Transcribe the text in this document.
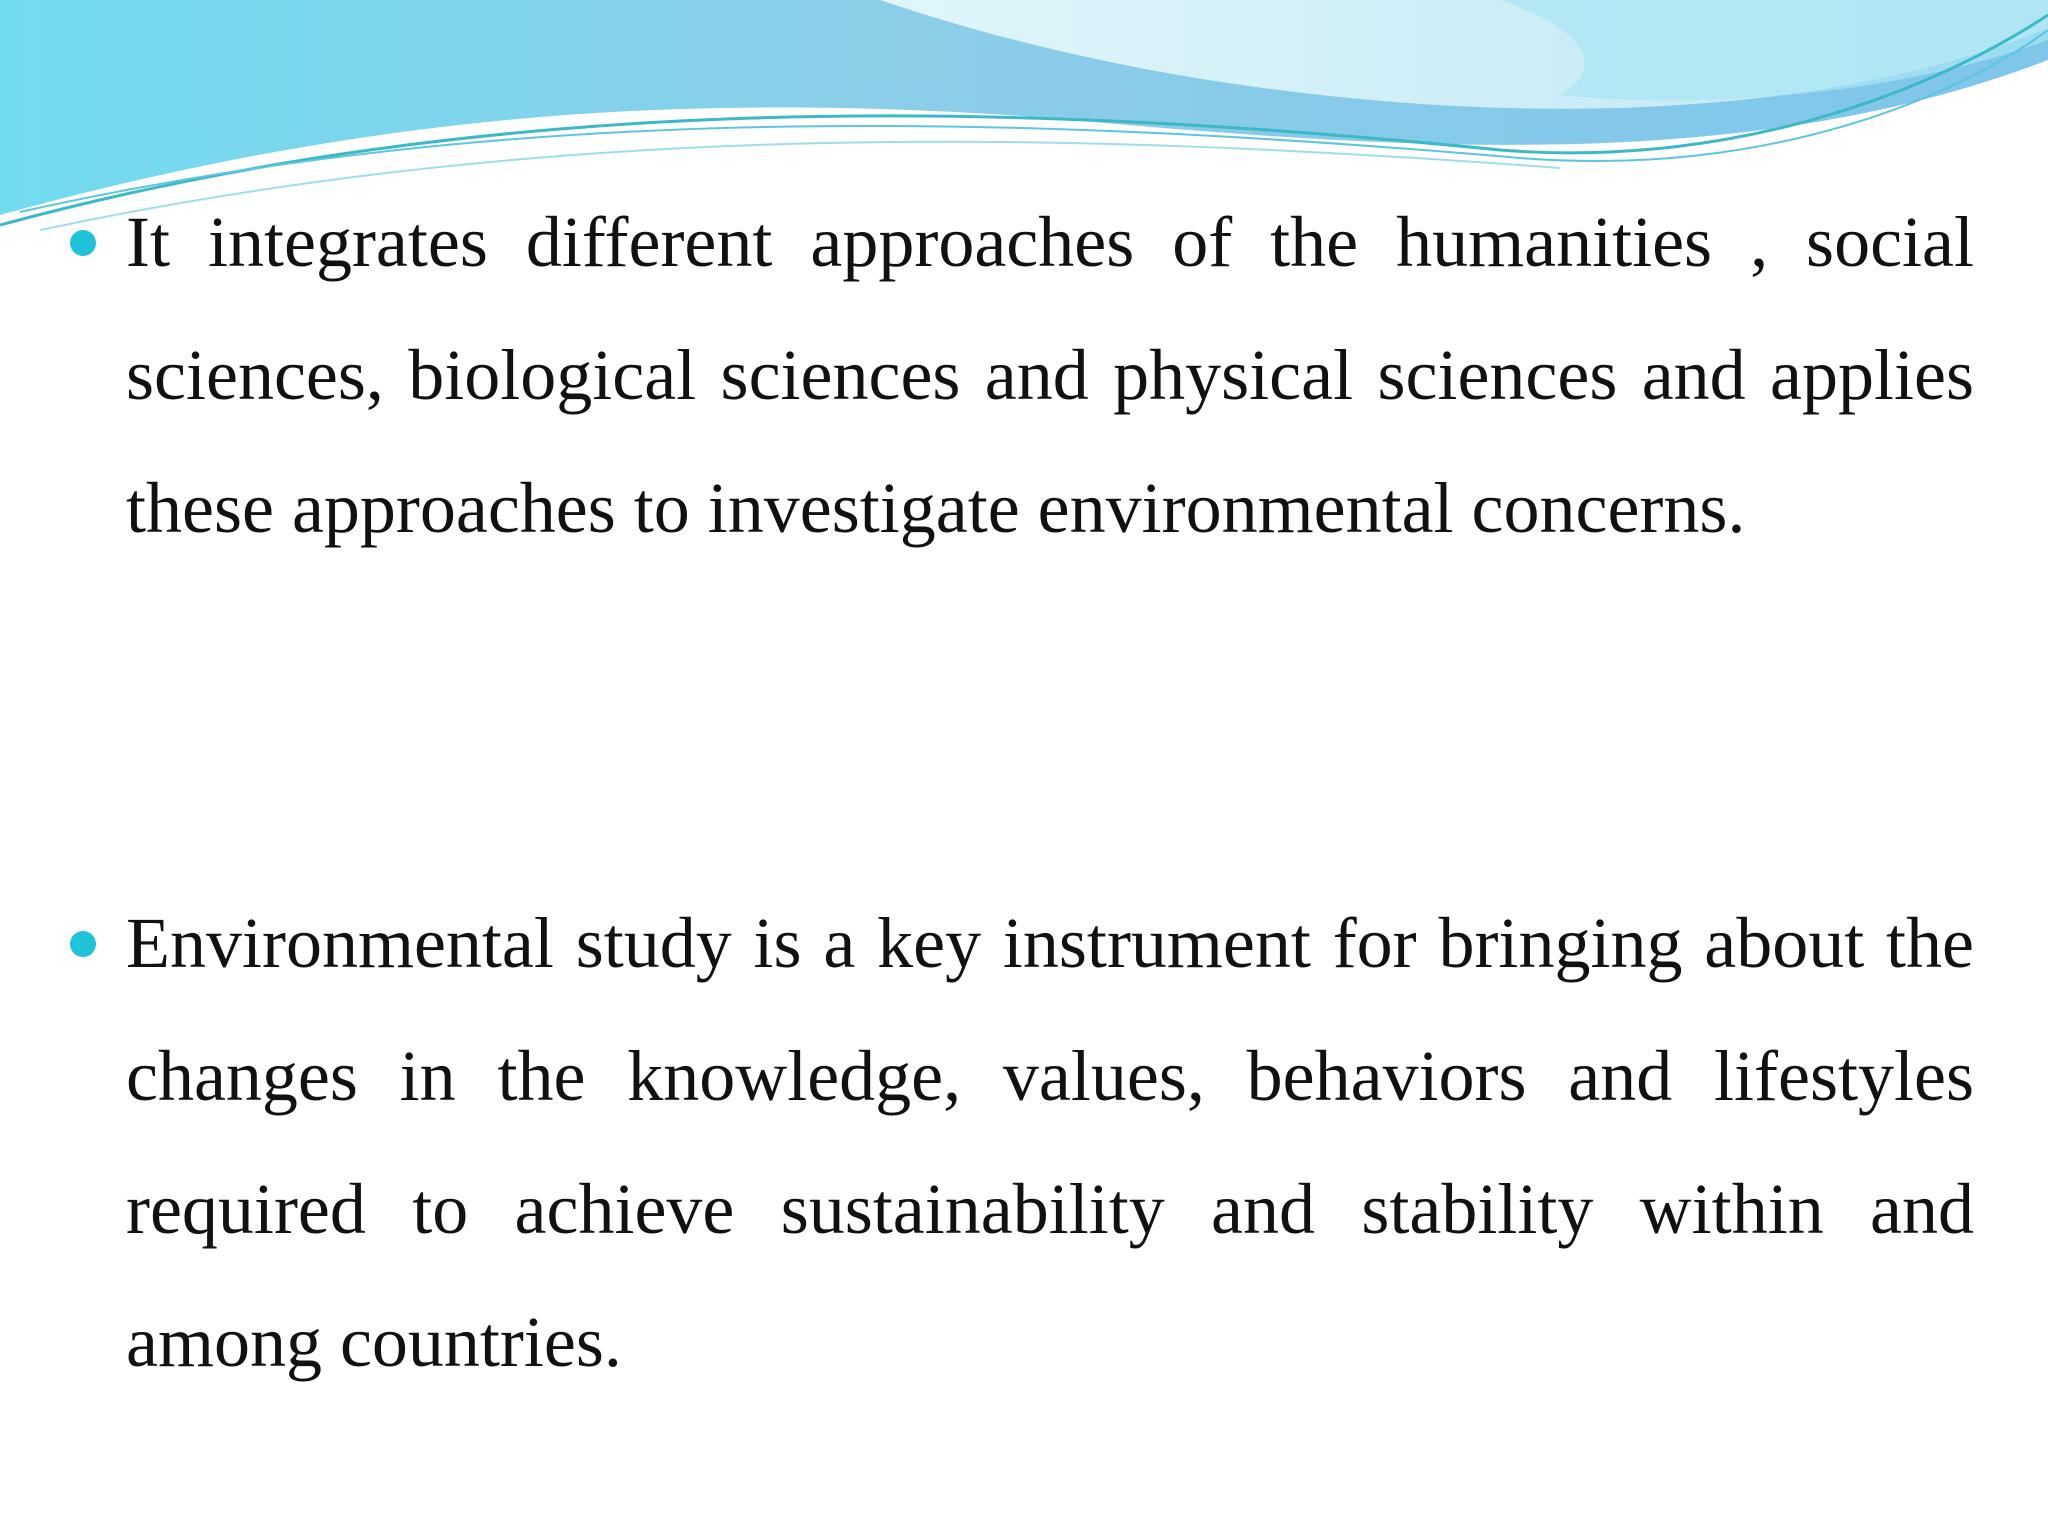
It integrates different approaches of the humanities , social sciences, biological sciences and physical sciences and applies these approaches to investigate environmental concerns.

Environmental study is a key instrument for bringing about the changes in the knowledge, values, behaviors and lifestyles required to achieve sustainability and stability within and among countries.
